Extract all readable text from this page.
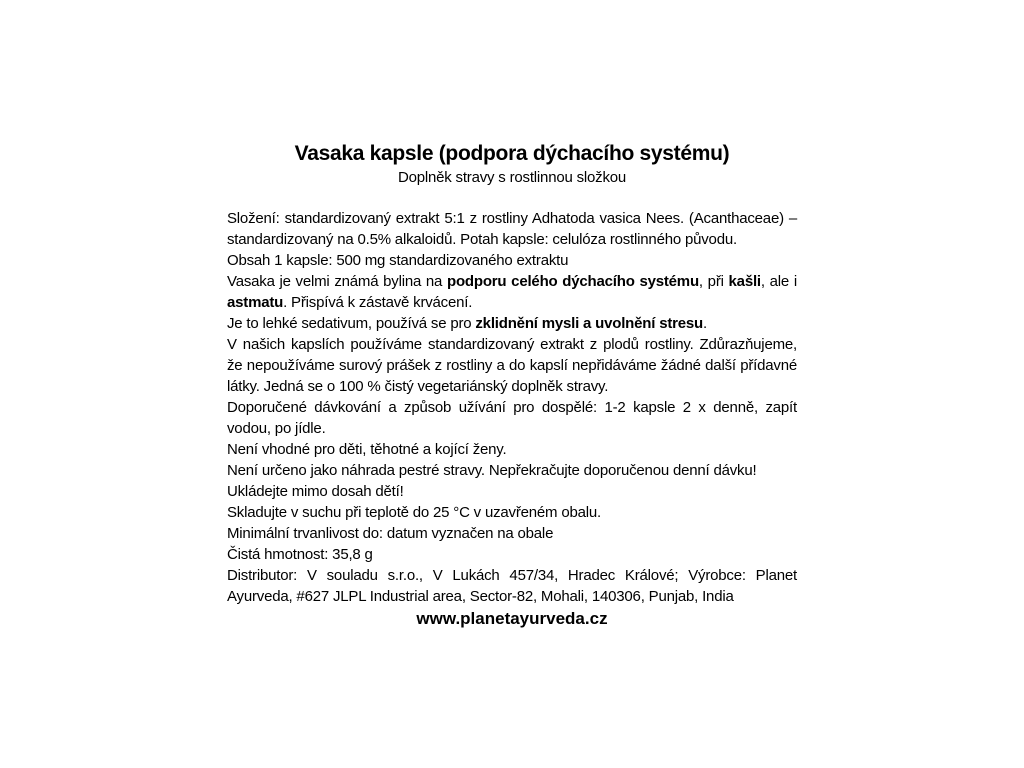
Vasaka kapsle (podpora dýchacího systému)

Doplněk stravy s rostlinnou složkou

Složení: standardizovaný extrakt 5:1 z rostliny Adhatoda vasica Nees. (Acanthaceae) – standardizovaný na 0.5% alkaloidů. Potah kapsle: celulóza rostlinného původu.

Obsah 1 kapsle: 500 mg standardizovaného extraktu

Vasaka je velmi známá bylina na podporu celého dýchacího systému, při kašli, ale i astmatu. Přispívá k zástavě krvácení.

Je to lehké sedativum, používá se pro zklidnění mysli a uvolnění stresu.

V našich kapslích používáme standardizovaný extrakt z plodů rostliny. Zdůrazňujeme, že nepoužíváme surový prášek z rostliny a do kapslí nepřidáváme žádné další přídavné látky. Jedná se o 100 % čistý vegetariánský doplněk stravy.

Doporučené dávkování a způsob užívání pro dospělé: 1-2 kapsle 2 x denně, zapít vodou, po jídle.

Není vhodné pro děti, těhotné a kojící ženy.

Není určeno jako náhrada pestré stravy. Nepřekračujte doporučenou denní dávku!

Ukládejte mimo dosah dětí!

Skladujte v suchu při teplotě do 25 °C v uzavřeném obalu.

Minimální trvanlivost do: datum vyznačen na obale

Čistá hmotnost: 35,8 g

Distributor: V souladu s.r.o., V Lukách 457/34, Hradec Králové; Výrobce: Planet Ayurveda, #627 JLPL Industrial area, Sector-82, Mohali, 140306, Punjab, India

www.planetayurveda.cz
